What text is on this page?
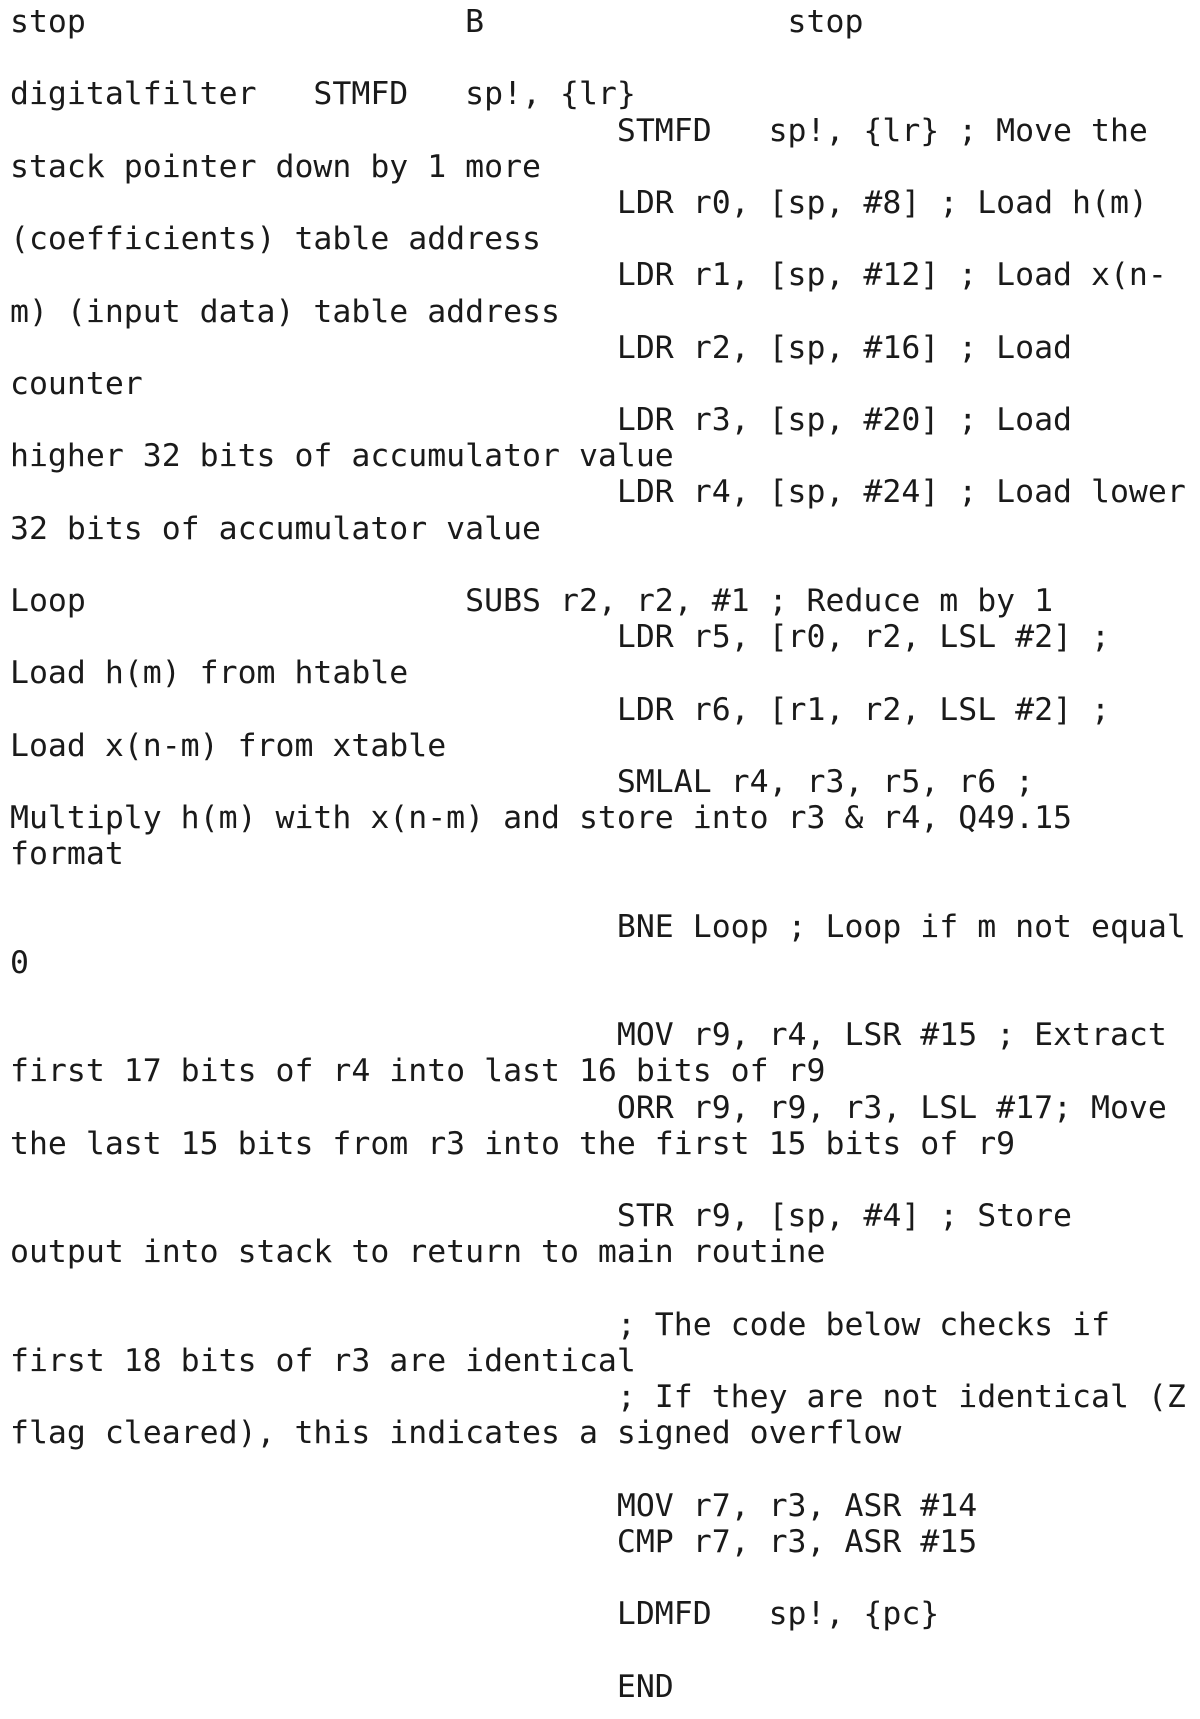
stop                    B                stop
digitalfilter   STMFD   sp!, {lr}
STMFD   sp!, {lr} ; Move the
stack pointer down by 1 more
LDR r0, [sp, #8] ; Load h(m)
(coefficients) table address
LDR r1, [sp, #12] ; Load x(n-
m) (input data) table address
LDR r2, [sp, #16] ; Load
counter
LDR r3, [sp, #20] ; Load
higher 32 bits of accumulator value
LDR r4, [sp, #24] ; Load lower
32 bits of accumulator value
Loop                    SUBS r2, r2, #1 ; Reduce m by 1
LDR r5, [r0, r2, LSL #2] ;
Load h(m) from htable
LDR r6, [r1, r2, LSL #2] ;
Load x(n-m) from xtable
SMLAL r4, r3, r5, r6 ;
Multiply h(m) with x(n-m) and store into r3 & r4, Q49.15
format
BNE Loop ; Loop if m not equal
0
MOV r9, r4, LSR #15 ; Extract
first 17 bits of r4 into last 16 bits of r9
ORR r9, r9, r3, LSL #17; Move
the last 15 bits from r3 into the first 15 bits of r9
STR r9, [sp, #4] ; Store
output into stack to return to main routine
; The code below checks if
first 18 bits of r3 are identical
; If they are not identical (Z
flag cleared), this indicates a signed overflow
MOV r7, r3, ASR #14
CMP r7, r3, ASR #15
LDMFD   sp!, {pc}
END
